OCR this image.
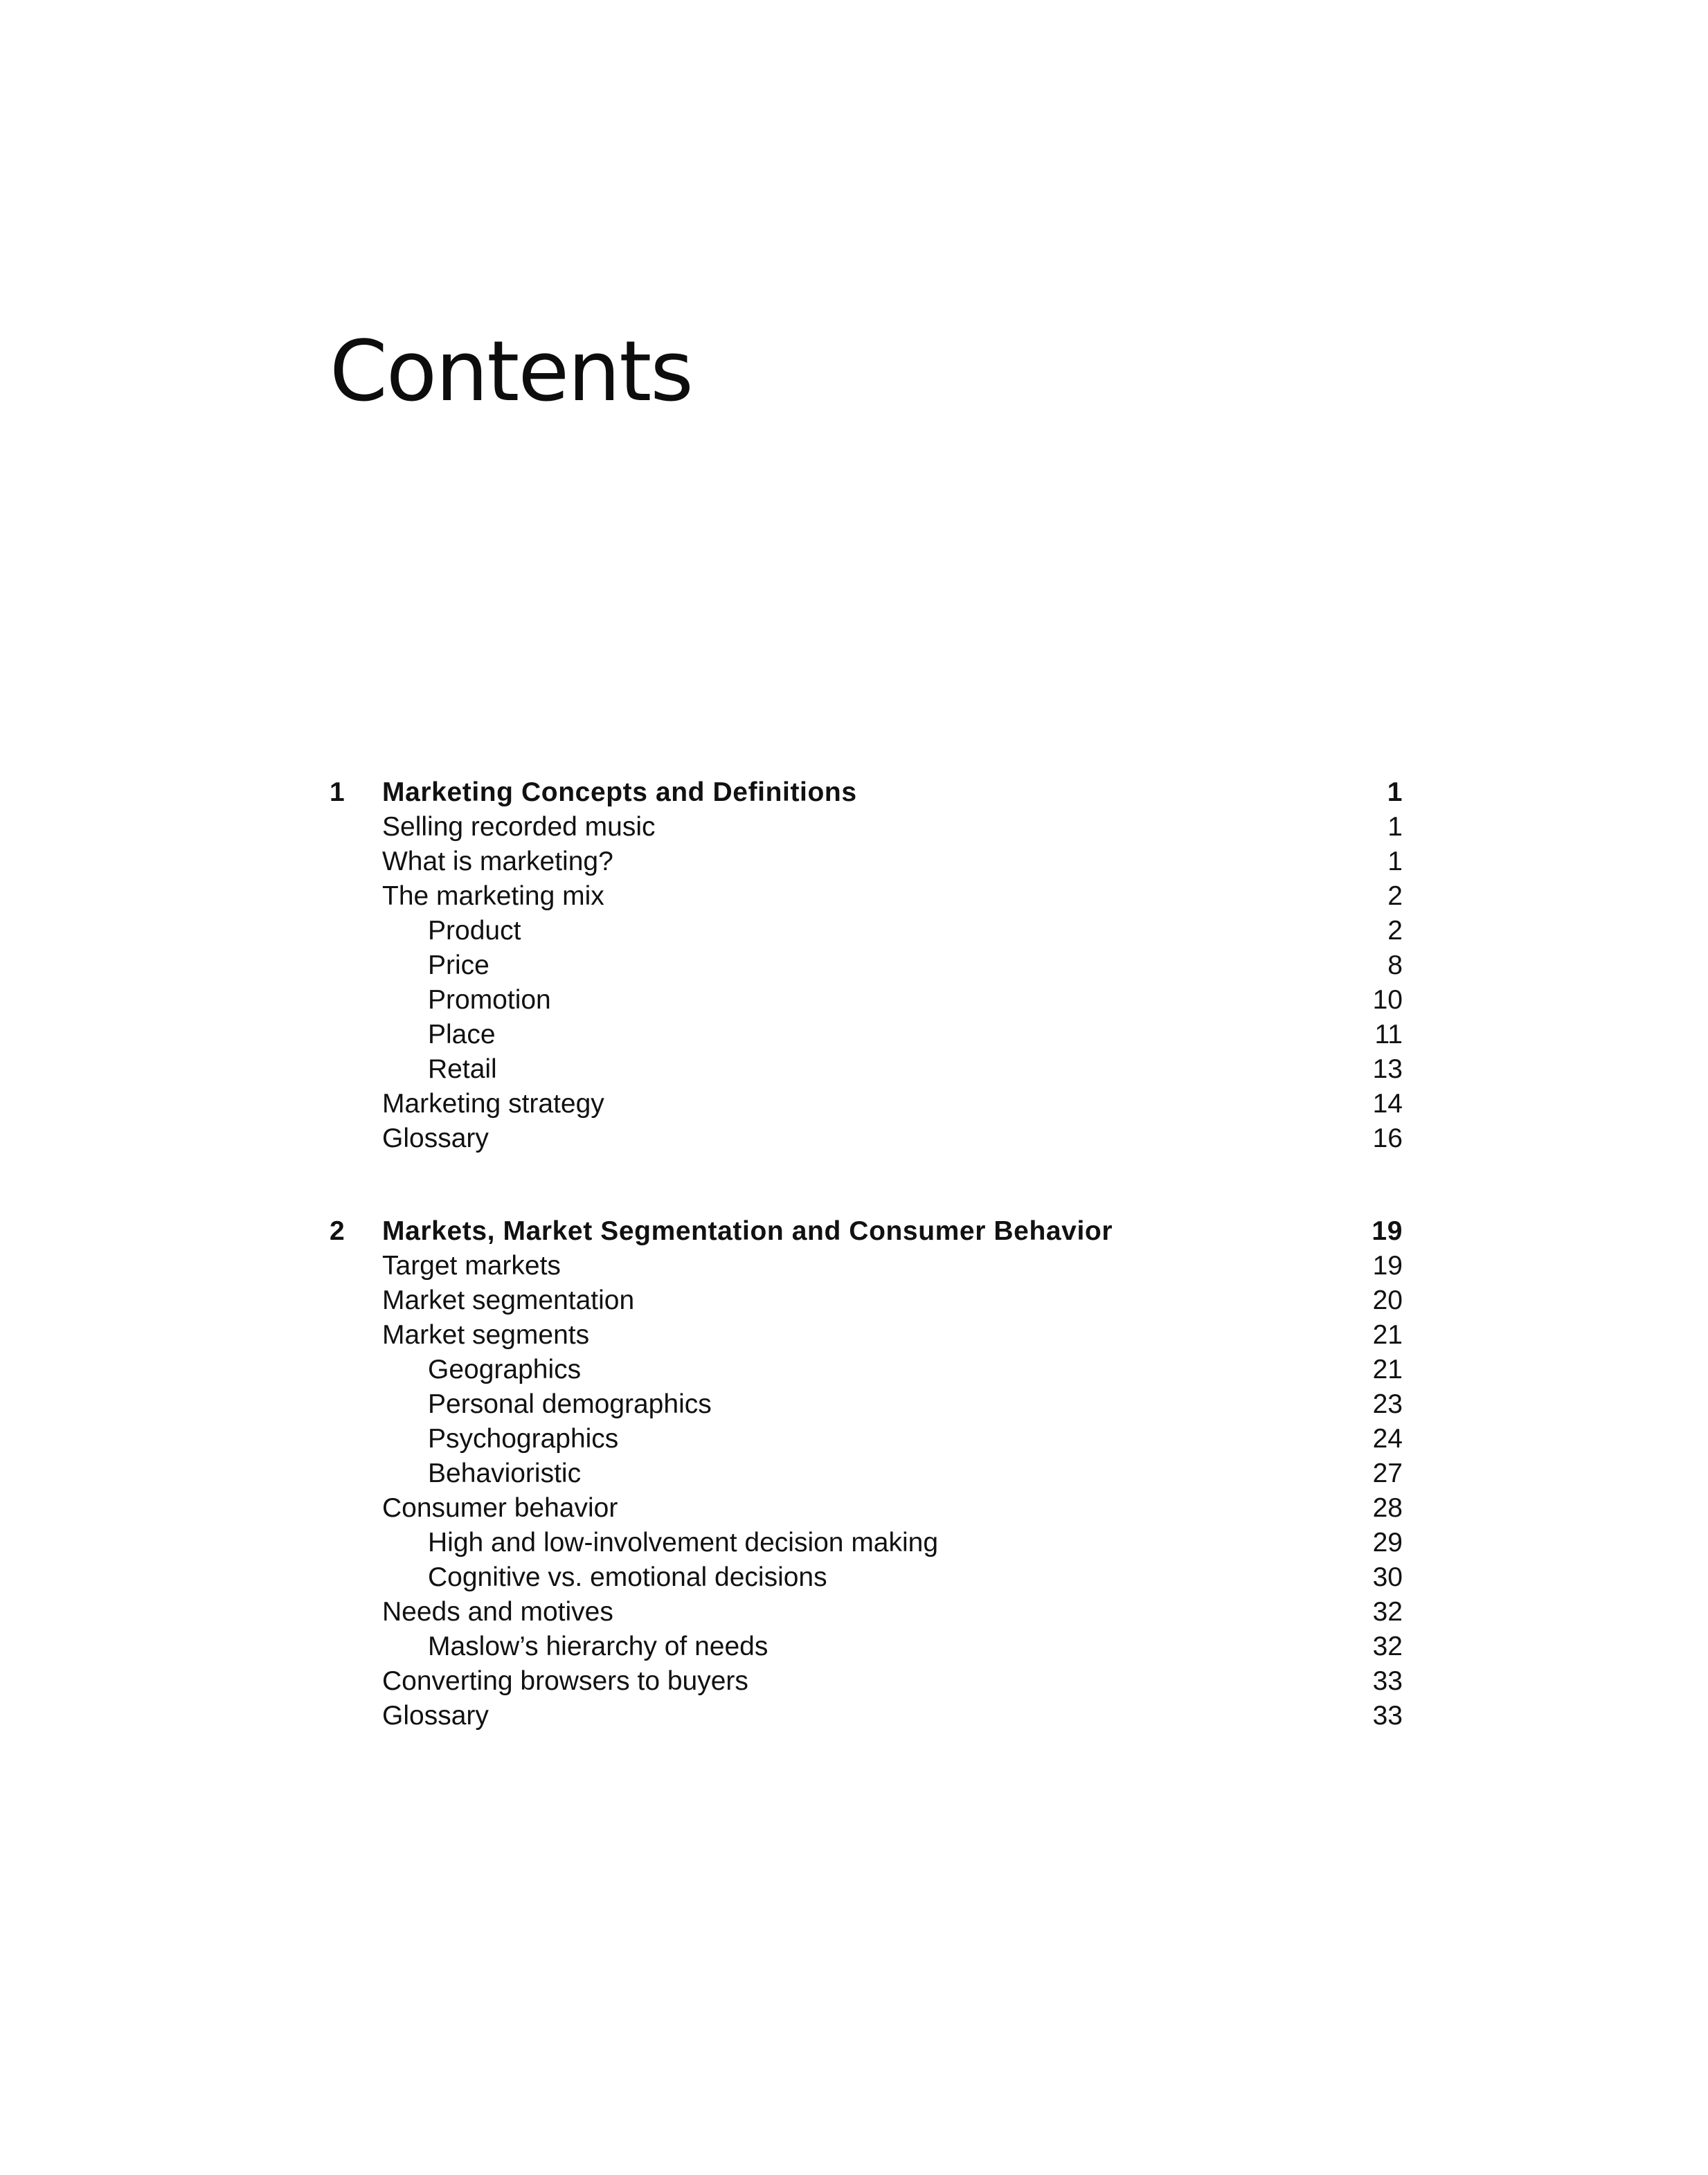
Contents
1 Marketing Concepts and Definitions	1
Selling recorded music	1
What is marketing?	1
The marketing mix	2
Product	2
Price	8
Promotion	10
Place	11
Retail	13
Marketing strategy	14
Glossary	16
2 Markets, Market Segmentation and Consumer Behavior	19
Target markets	19
Market segmentation	20
Market segments	21
Geographics	21
Personal demographics	23
Psychographics	24
Behavioristic	27
Consumer behavior	28
High and low-involvement decision making	29
Cognitive vs. emotional decisions	30
Needs and motives	32
Maslow’s hierarchy of needs	32
Converting browsers to buyers	33
Glossary	33
